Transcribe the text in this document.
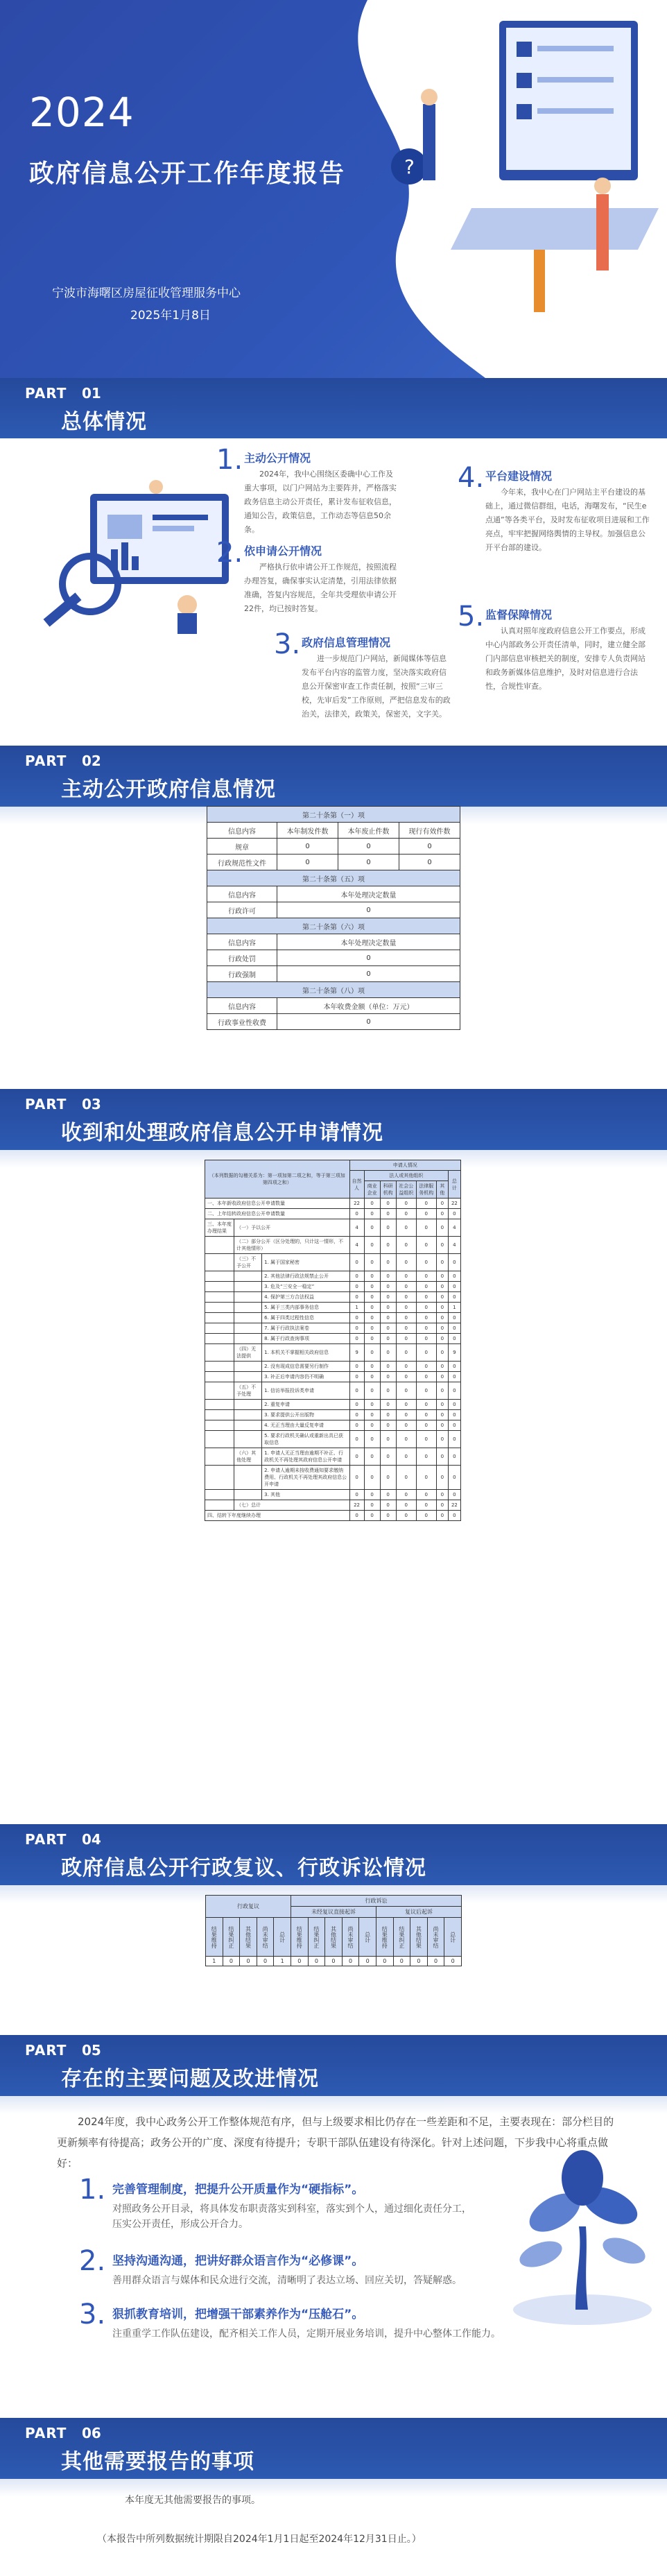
?
2024
政府信息公开工作年度报告
宁波市海曙区房屋征收管理服务中心
2025年1月8日
PART 01
总体情况
1. 主动公开情况
2024年，我中心围绕区委确中心工作及重大事项，以门户网站为主要阵并，严格落实政务信息主动公开责任，累计发布征收信息，通知公告，政策信息，工作动态等信息50余条。
2. 依申请公开情况
严格执行依申请公开工作规范，按照流程办理答复，确保事实认定清楚，引用法律依据准确，答复内容规范，全年共受理依申请公开22件，均已按时答复。
3. 政府信息管理情况
进一步规范门户网站，新闻媒体等信息发布平台内容的监管力度，坚决落实政府信息公开保密审查工作责任制，按照“三审三校，先审后发”工作原则，严把信息发布的政治关，法律关，政策关，保密关，文字关。
4. 平台建设情况
今年来，我中心在门户网站主平台建设的基础上，通过微信群组，电话，海曙发布，“民生e点通”等各类平台，及时发布征收项目进展和工作亮点，牢牢把握网络舆情的主导权。加强信息公开平台部的建设。
5. 监督保障情况
认真对照年度政府信息公开工作要点，形成中心内部政务公开责任清单，同时，建立健全部门内部信息审核把关的制度，安排专人负责网站和政务新媒体信息维护，及时对信息进行合法性，合规性审查。
PART 02
主动公开政府信息情况
第二十条第（一）项			
信息内容	本年制发件数	本年废止件数	现行有效件数
规章	0	0	0
行政规范性文件	0	0	0
第二十条第（五）项			
信息内容	本年处理决定数量		
行政许可	0		
第二十条第（六）项			
信息内容	本年处理决定数量		
行政处罚	0		
行政强制	0		
第二十条第（八）项			
信息内容	本年收费金额（单位：万元）		
行政事业性收费	0		
PART 03
收到和处理政府信息公开申请情况
（本列数据的勾稽关系为：第一项加第二项之和，等于第三项加第四项之和）			申请人情况						
			自然人	法人或其他组织					总计
				商业企业	科研机构	社会公益组织	法律服务机构	其他	
一、本年新收政府信息公开申请数量			22	0	0	0	0	0	22
二、上年结转政府信息公开申请数量			0	0	0	0	0	0	0
三、本年度办理结果	（一）予以公开		4	0	0	0	0	0	4
	（二）部分公开（区分处理的，只计这一情形，不计其他情形）		4	0	0	0	0	0	4
	（三）不予公开	1. 属于国家秘密	0	0	0	0	0	0	0
		2. 其他法律行政法规禁止公开	0	0	0	0	0	0	0
		3. 危及“三安全一稳定”	0	0	0	0	0	0	0
		4. 保护第三方合法权益	0	0	0	0	0	0	0
		5. 属于三类内部事务信息	1	0	0	0	0	0	1
		6. 属于四类过程性信息	0	0	0	0	0	0	0
		7. 属于行政执法案卷	0	0	0	0	0	0	0
		8. 属于行政查询事项	0	0	0	0	0	0	0
	（四）无法提供	1. 本机关不掌握相关政府信息	9	0	0	0	0	0	9
		2. 没有现成信息需要另行制作	0	0	0	0	0	0	0
		3. 补正后申请内容仍不明确	0	0	0	0	0	0	0
	（五）不予处理	1. 信访举报投诉类申请	0	0	0	0	0	0	0
		2. 重复申请	0	0	0	0	0	0	0
		3. 要求提供公开出版物	0	0	0	0	0	0	0
		4. 无正当理由大量反复申请	0	0	0	0	0	0	0
		5. 要求行政机关确认或重新出具已获取信息	0	0	0	0	0	0	0
	（六）其他处理	1. 申请人无正当理由逾期不补正、行政机关不再处理其政府信息公开申请	0	0	0	0	0	0	0
		2. 申请人逾期未按收费通知要求缴纳费用、行政机关不再处理其政府信息公开申请	0	0	0	0	0	0	0
		3. 其他	0	0	0	0	0	0	0
	（七）总计		22	0	0	0	0	0	22
四、结转下年度继续办理			0	0	0	0	0	0	0
PART 04
政府信息公开行政复议、行政诉讼情况
行政复议					行政诉讼									
					未经复议直接起诉					复议后起诉				
结果维持	结果纠正	其他结果	尚未审结	总计	结果维持	结果纠正	其他结果	尚未审结	总计	结果维持	结果纠正	其他结果	尚未审结	总计
1	0	0	0	1	0	0	0	0	0	0	0	0	0	0
PART 05
存在的主要问题及改进情况
2024年度，我中心政务公开工作整体规范有序，但与上级要求相比仍存在一些差距和不足，主要表现在：部分栏目的更新频率有待提高；政务公开的广度、深度有待提升；专职干部队伍建设有待深化。针对上述问题，下步我中心将重点做好：
1. 完善管理制度，把提升公开质量作为“硬指标”。
对照政务公开目录，将具体发布职责落实到科室，落实到个人，通过细化责任分工，压实公开责任，形成公开合力。
2. 坚持沟通沟通，把讲好群众语言作为“必修课”。
善用群众语言与媒体和民众进行交流，清晰明了表达立场、回应关切，答疑解惑。
3. 狠抓教育培训，把增强干部素养作为“压舱石”。
注重重学工作队伍建设，配齐相关工作人员，定期开展业务培训，提升中心整体工作能力。
PART 06
其他需要报告的事项
本年度无其他需要报告的事项。
（本报告中所列数据统计期限自2024年1月1日起至2024年12月31日止。）
